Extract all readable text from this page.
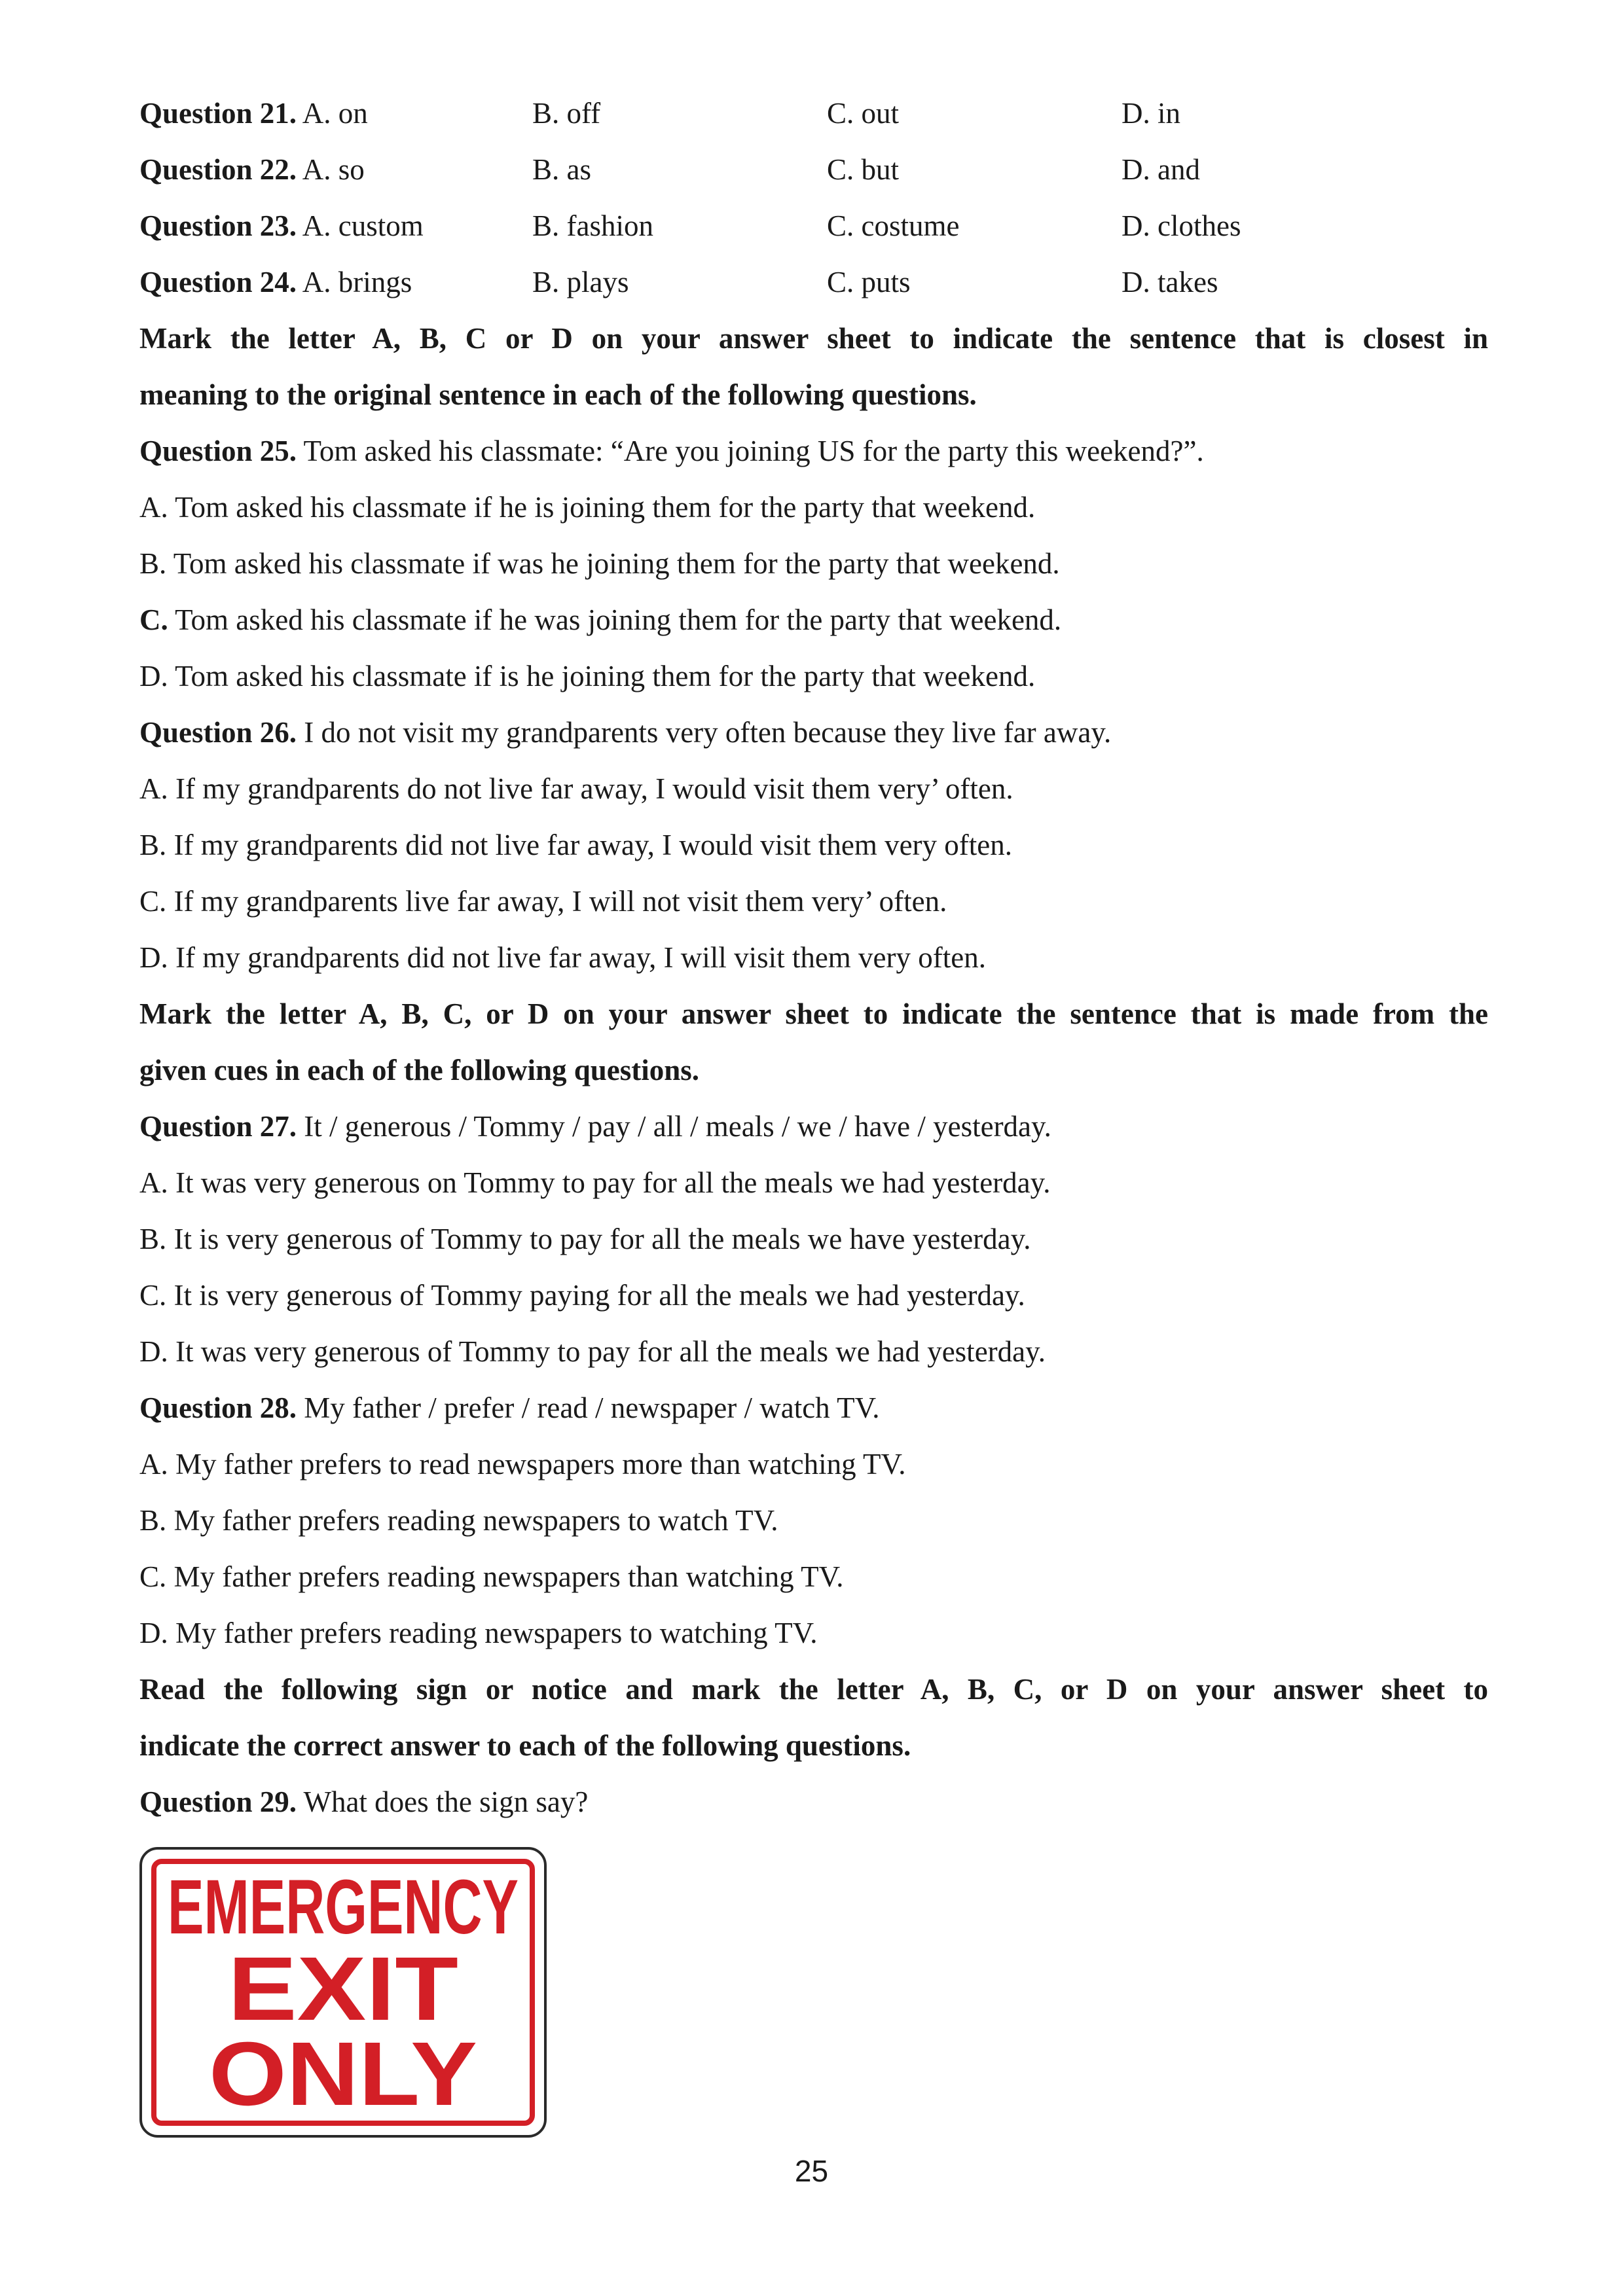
Question 21. A. on	B. off	C. out	D. in
Question 22. A. so	B. as	C. but	D. and
Question 23. A. custom	B. fashion	C. costume	D. clothes
Question 24. A. brings	B. plays	C. puts	D. takes
Mark the letter A, B, C or D on your answer sheet to indicate the sentence that is closest in
meaning to the original sentence in each of the following questions.
Question 25. Tom asked his classmate: “Are you joining US for the party this weekend?”.
A. Tom asked his classmate if he is joining them for the party that weekend.
B. Tom asked his classmate if was he joining them for the party that weekend.
C. Tom asked his classmate if he was joining them for the party that weekend.
D. Tom asked his classmate if is he joining them for the party that weekend.
Question 26. I do not visit my grandparents very often because they live far away.
A. If my grandparents do not live far away, I would visit them very’ often.
B. If my grandparents did not live far away, I would visit them very often.
C. If my grandparents live far away, I will not visit them very’ often.
D. If my grandparents did not live far away, I will visit them very often.
Mark the letter A, B, C, or D on your answer sheet to indicate the sentence that is made from the
given cues in each of the following questions.
Question 27. It / generous / Tommy / pay / all / meals / we / have / yesterday.
A. It was very generous on Tommy to pay for all the meals we had yesterday.
B. It is very generous of Tommy to pay for all the meals we have yesterday.
C. It is very generous of Tommy paying for all the meals we had yesterday.
D. It was very generous of Tommy to pay for all the meals we had yesterday.
Question 28. My father / prefer / read / newspaper / watch TV.
A. My father prefers to read newspapers more than watching TV.
B. My father prefers reading newspapers to watch TV.
C. My father prefers reading newspapers than watching TV.
D. My father prefers reading newspapers to watching TV.
Read the following sign or notice and mark the letter A, B, C, or D on your answer sheet to
indicate the correct answer to each of the following questions.
Question 29. What does the sign say?
EMERGENCY
EXIT
ONLY
25
